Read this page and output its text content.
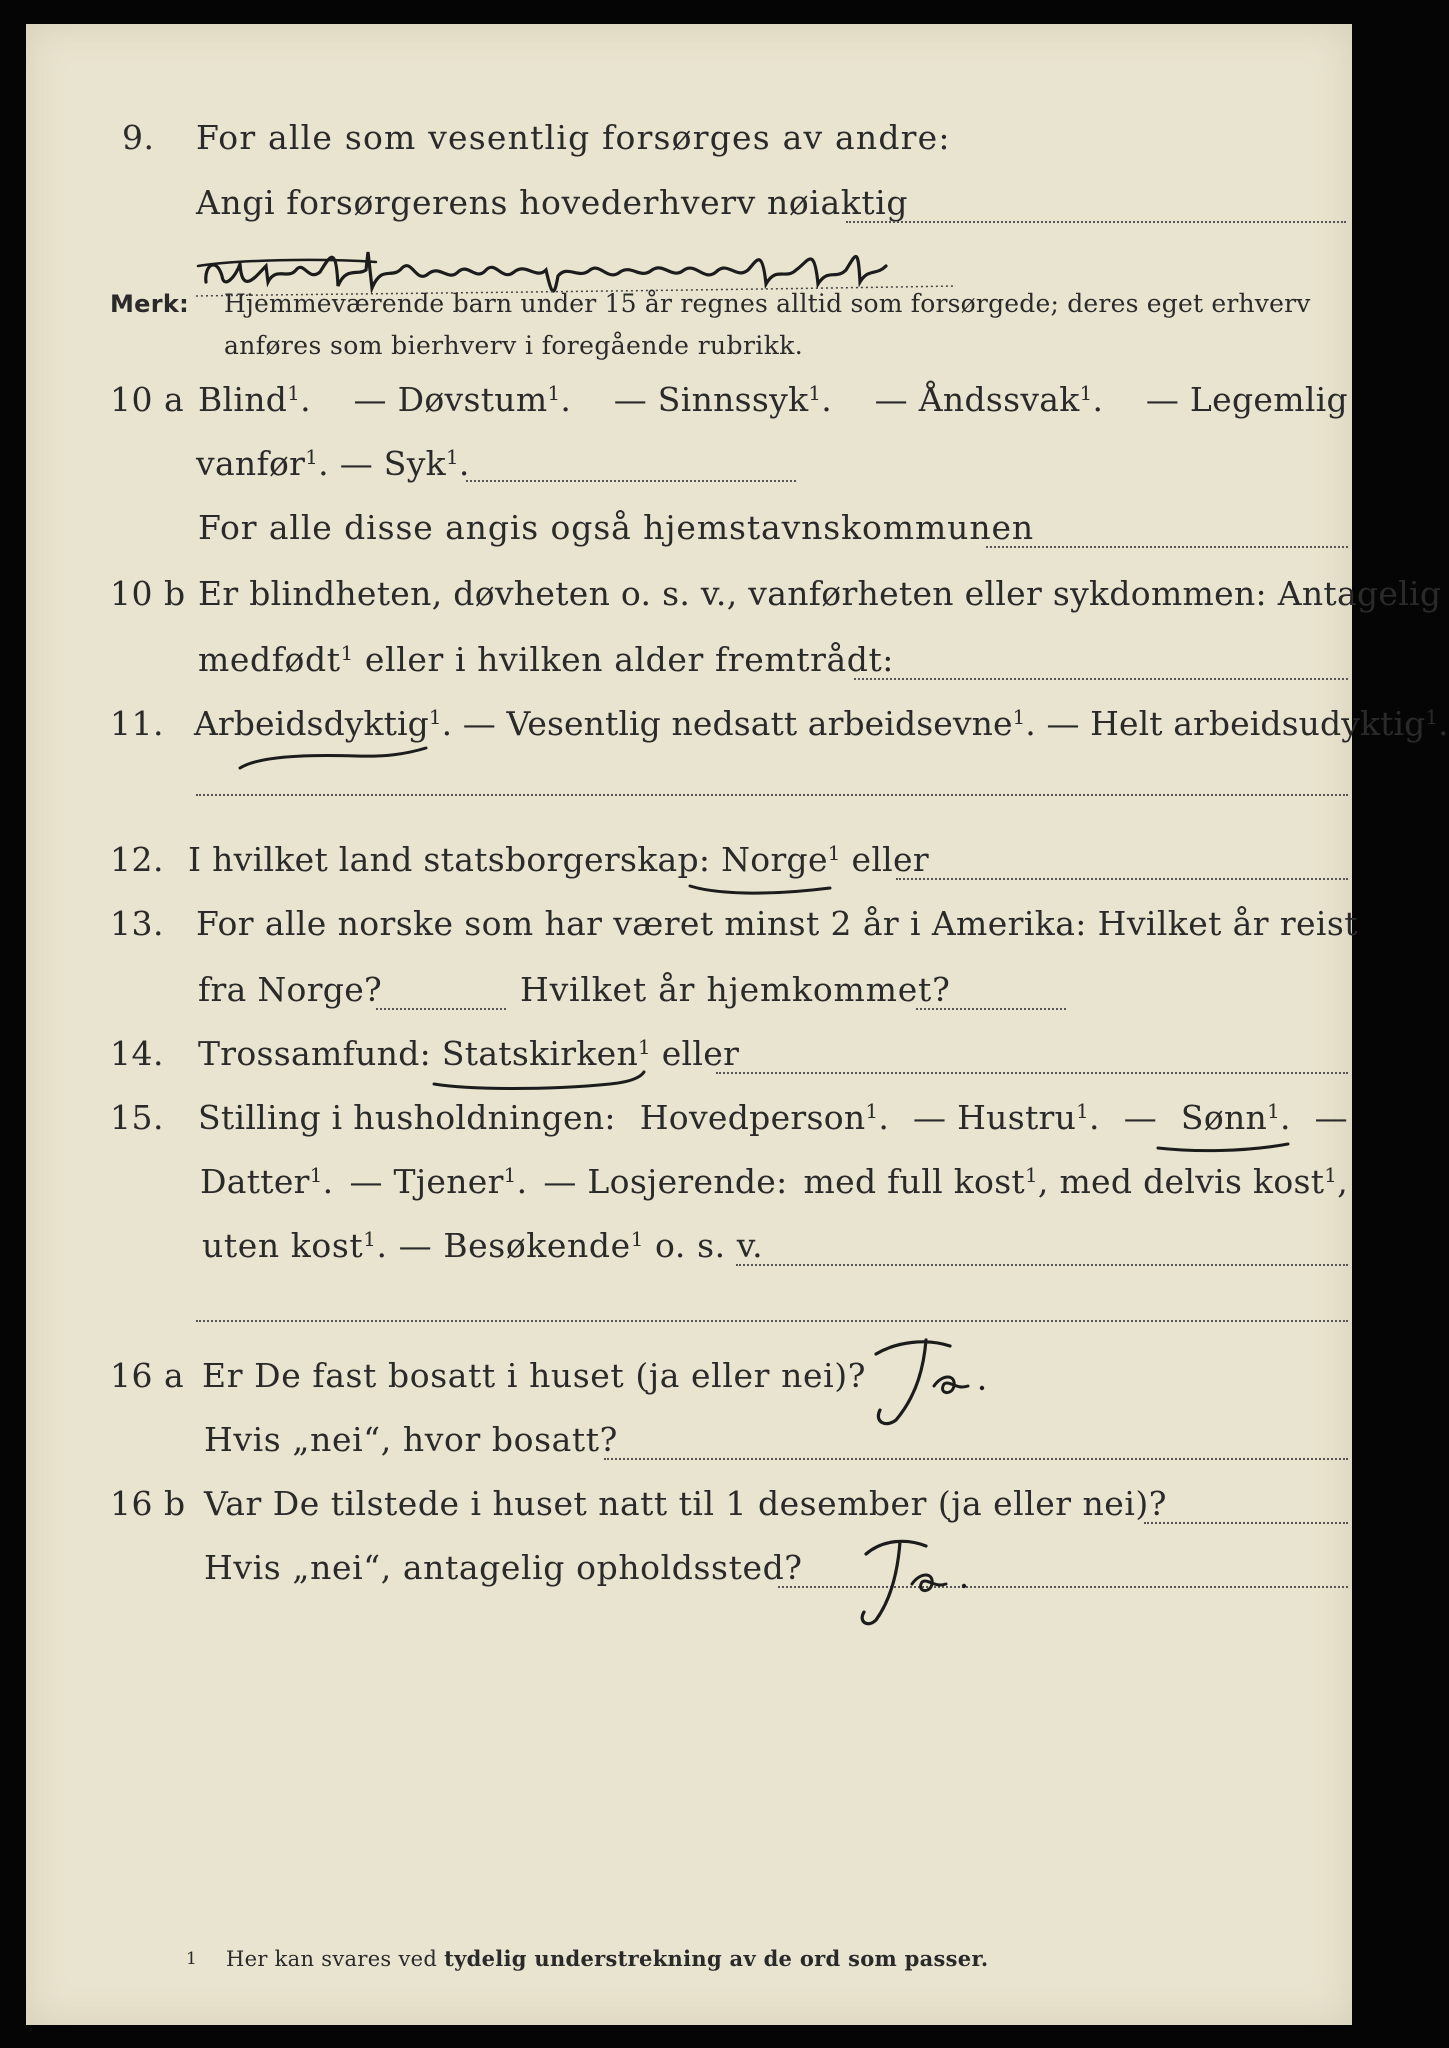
9. For alle som vesentlig forsørges av andre:
Angi forsørgerens hovederhverv nøiaktig
Merk: Hjemmeværende barn under 15 år regnes alltid som forsørgede; deres eget erhverv
anføres som bierhverv i foregående rubrikk.
10 a Blind$^1$. — Døvstum$^1$. — Sinnssyk$^1$. — Åndssvak$^1$. — Legemlig
vanfør$^1$. — Syk$^1$.
For alle disse angis også hjemstavnskommunen
10 b Er blindheten, døvheten o. s. v., vanførheten eller sykdommen: Antagelig
medfødt$^1$ eller i hvilken alder fremtrådt:
11. Arbeidsdyktig$^1$. — Vesentlig nedsatt arbeidsevne$^1$. — Helt arbeidsudyktig$^1$.
12. I hvilket land statsborgerskap: Norge$^1$ eller
13. For alle norske som har været minst 2 år i Amerika: Hvilket år reist
fra Norge?	Hvilket år hjemkommet?
14. Trossamfund: Statskirken$^1$ eller
15. Stilling i husholdningen: Hovedperson$^1$. — Hustru$^1$. — Sønn$^1$. —
Datter$^1$. — Tjener$^1$. — Losjerende: med full kost$^1$, med delvis kost$^1$,
uten kost$^1$. — Besøkende$^1$ o. s. v.
16 a Er De fast bosatt i huset (ja eller nei)?
Hvis „nei“, hvor bosatt?
16 b Var De tilstede i huset natt til 1 desember (ja eller nei)?
Hvis „nei“, antagelig opholdssted?
1 Her kan svares ved tydelig understrekning av de ord som passer.
